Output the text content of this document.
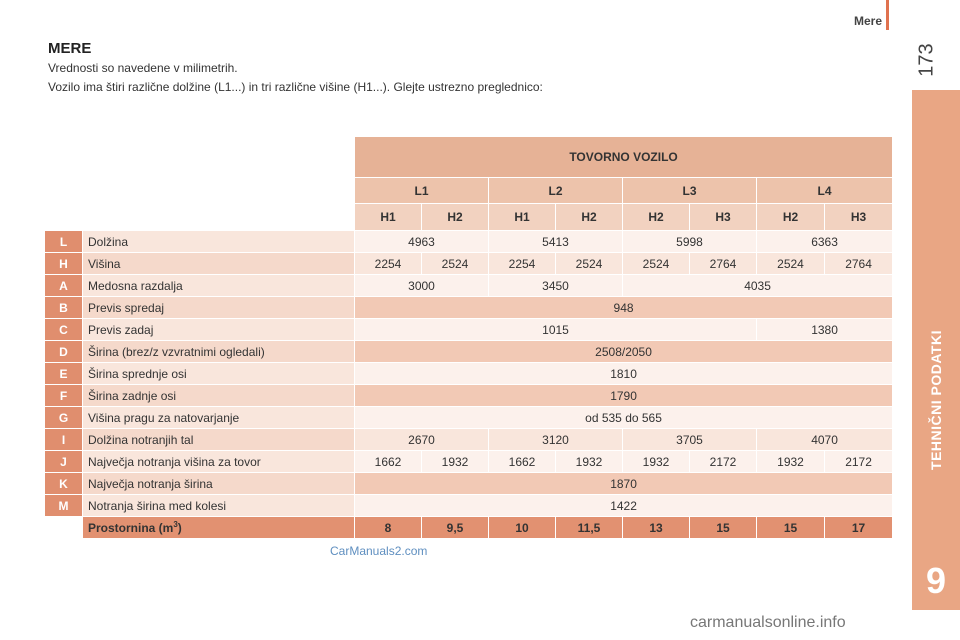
Mere
173
TEHNIČNI PODATKI
9
MERE
Vrednosti so navedene v milimetrih.
Vozilo ima štiri različne dolžine (L1...) in tri različne višine (H1...). Glejte ustrezno preglednico:
		TOVORNO VOZILO							
		L1		L2		L3		L4	
		H1	H2	H1	H2	H2	H3	H2	H3
L	Dolžina	4963		5413		5998		6363	
H	Višina	2254	2524	2254	2524	2524	2764	2524	2764
A	Medosna razdalja	3000		3450		4035			
B	Previs spredaj	948							
C	Previs zadaj	1015						1380	
D	Širina (brez/z vzvratnimi ogledali)	2508/2050							
E	Širina sprednje osi	1810							
F	Širina zadnje osi	1790							
G	Višina pragu za natovarjanje	od 535 do 565							
I	Dolžina notranjih tal	2670		3120		3705		4070	
J	Največja notranja višina za tovor	1662	1932	1662	1932	1932	2172	1932	2172
K	Največja notranja širina	1870							
M	Notranja širina med kolesi	1422							
	Prostornina $(m^3)$	8	9,5	10	11,5	13	15	15	17
CarManuals2.com
carmanualsonline.info
